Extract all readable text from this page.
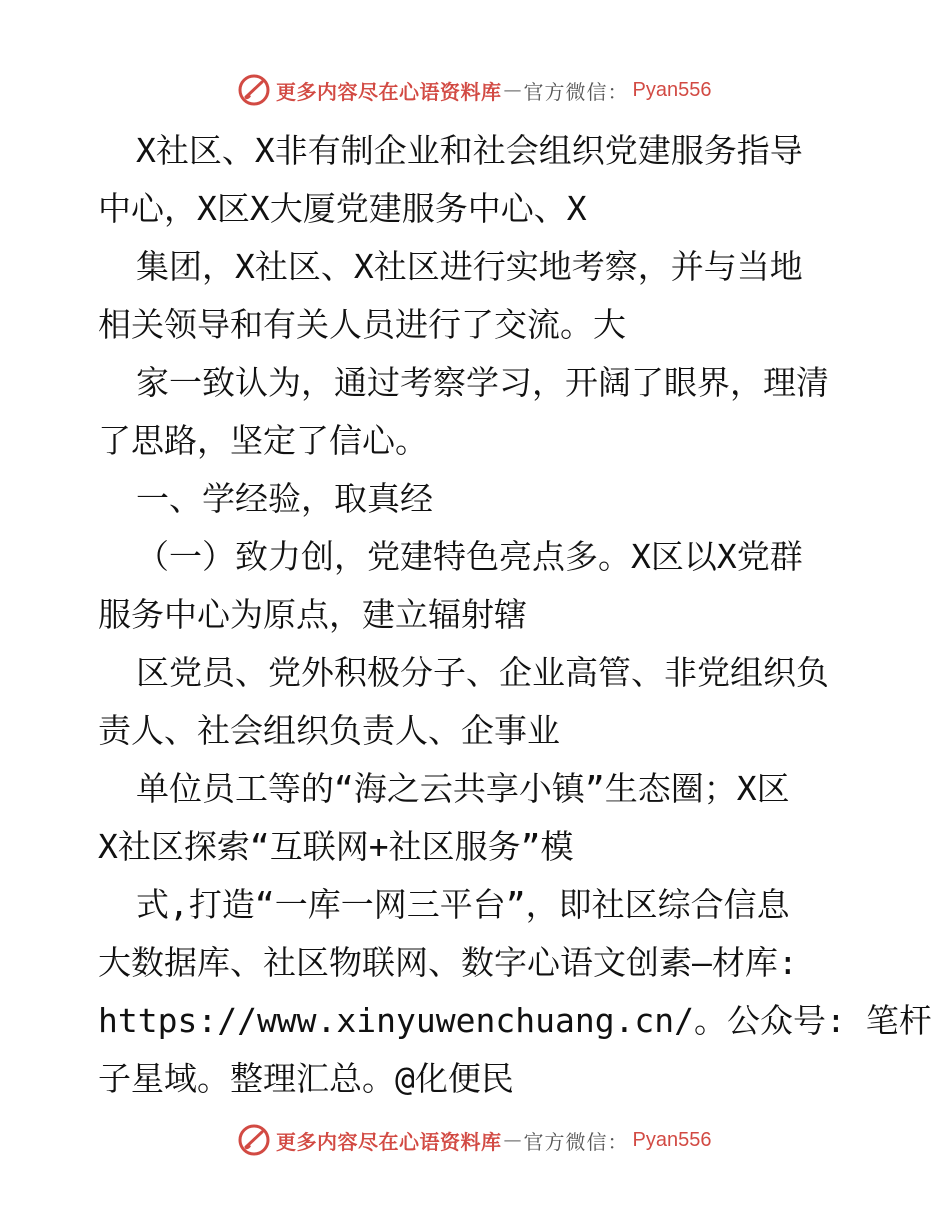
更多内容尽在心语资料库 — 官方微信： Pyan556
X社区、X非有制企业和社会组织党建服务指导
中心，X区X大厦党建服务中心、X
集团，X社区、X社区进行实地考察，并与当地
相关领导和有关人员进行了交流。大
家一致认为，通过考察学习，开阔了眼界，理清
了思路，坚定了信心。
一、学经验，取真经
（一）致力创，党建特色亮点多。X区以X党群
服务中心为原点，建立辐射辖
区党员、党外积极分子、企业高管、非党组织负
责人、社会组织负责人、企事业
单位员工等的“海之云共享小镇”生态圈；X区
X社区探索“互联网+社区服务”模
式,打造“一库一网三平台”，即社区综合信息
大数据库、社区物联网、数字心语文创素—材库:
https://www.xinyuwenchuang.cn/。公众号: 笔杆
子星域。整理汇总。@化便民
更多内容尽在心语资料库 — 官方微信： Pyan556
